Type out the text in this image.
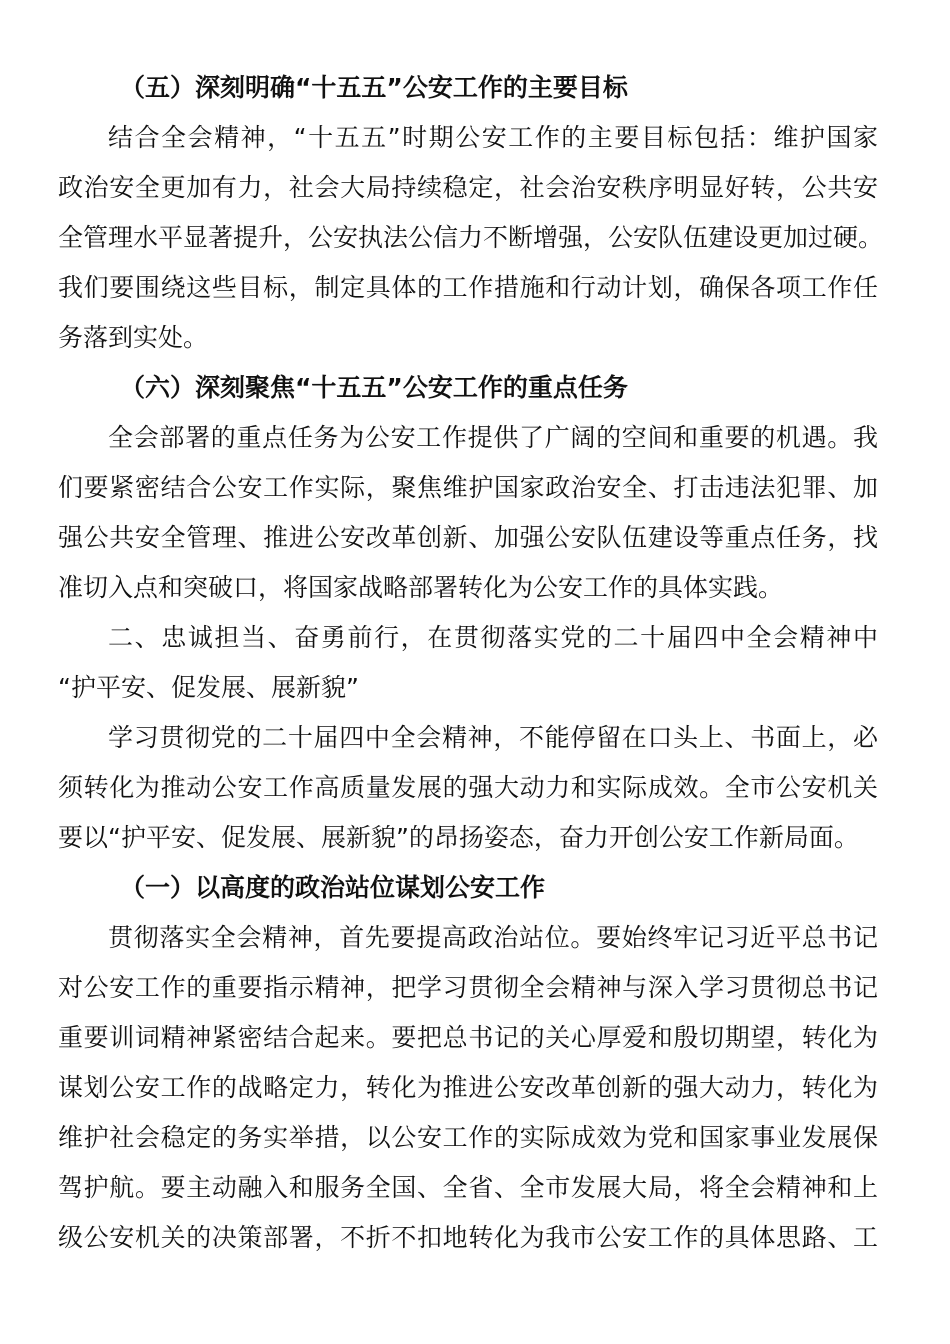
（五）深刻明确“十五五”公安工作的主要目标
结合全会精神，“十五五”时期公安工作的主要目标包括：维护国家
政治安全更加有力，社会大局持续稳定，社会治安秩序明显好转，公共安
全管理水平显著提升，公安执法公信力不断增强，公安队伍建设更加过硬。
我们要围绕这些目标，制定具体的工作措施和行动计划，确保各项工作任
务落到实处。
（六）深刻聚焦“十五五”公安工作的重点任务
全会部署的重点任务为公安工作提供了广阔的空间和重要的机遇。我
们要紧密结合公安工作实际，聚焦维护国家政治安全、打击违法犯罪、加
强公共安全管理、推进公安改革创新、加强公安队伍建设等重点任务，找
准切入点和突破口，将国家战略部署转化为公安工作的具体实践。
二、忠诚担当、奋勇前行，在贯彻落实党的二十届四中全会精神中
“护平安、促发展、展新貌”
学习贯彻党的二十届四中全会精神，不能停留在口头上、书面上，必
须转化为推动公安工作高质量发展的强大动力和实际成效。全市公安机关
要以“护平安、促发展、展新貌”的昂扬姿态，奋力开创公安工作新局面。
（一）以高度的政治站位谋划公安工作
贯彻落实全会精神，首先要提高政治站位。要始终牢记习近平总书记
对公安工作的重要指示精神，把学习贯彻全会精神与深入学习贯彻总书记
重要训词精神紧密结合起来。要把总书记的关心厚爱和殷切期望，转化为
谋划公安工作的战略定力，转化为推进公安改革创新的强大动力，转化为
维护社会稳定的务实举措，以公安工作的实际成效为党和国家事业发展保
驾护航。要主动融入和服务全国、全省、全市发展大局，将全会精神和上
级公安机关的决策部署，不折不扣地转化为我市公安工作的具体思路、工
